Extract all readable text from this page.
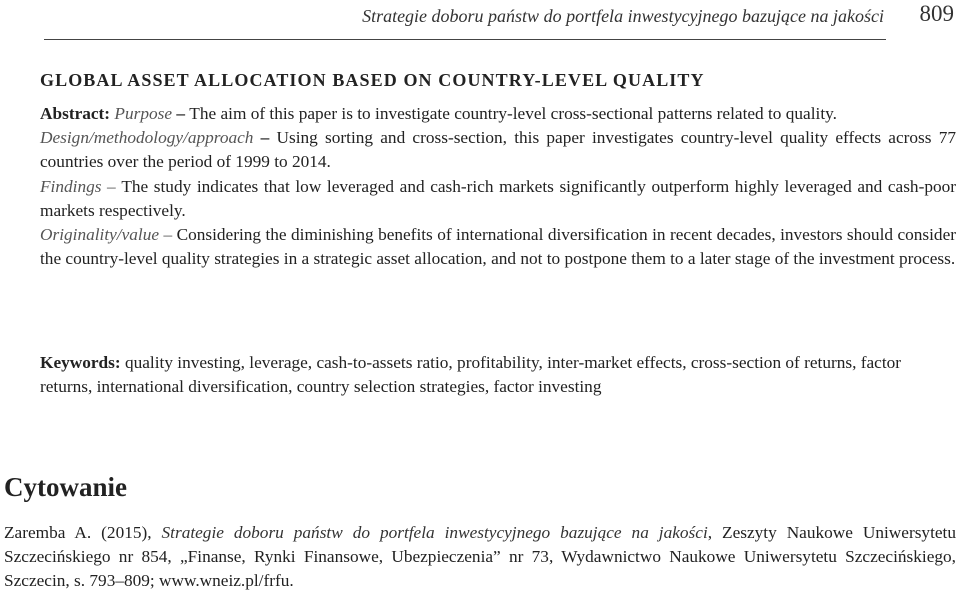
Strategie doboru państw do portfela inwestycyjnego bazujące na jakości 809
GLOBAL ASSET ALLOCATION BASED ON COUNTRY-LEVEL QUALITY

Abstract: Purpose – The aim of this paper is to investigate country-level cross-sectional patterns related to quality.

Design/methodology/approach – Using sorting and cross-section, this paper investigates country-level quality effects across 77 countries over the period of 1999 to 2014.

Findings – The study indicates that low leveraged and cash-rich markets significantly outperform highly leveraged and cash-poor markets respectively.

Originality/value – Considering the diminishing benefits of international diversification in recent decades, investors should consider the country-level quality strategies in a strategic asset allocation, and not to postpone them to a later stage of the investment process.

Keywords: quality investing, leverage, cash-to-assets ratio, profitability, inter-market effects, cross-section of returns, factor returns, international diversification, country selection strategies, factor investing

Cytowanie

Zaremba A. (2015), Strategie doboru państw do portfela inwestycyjnego bazujące na jakości, Zeszyty Naukowe Uniwersytetu Szczecińskiego nr 854, „Finanse, Rynki Finansowe, Ubezpieczenia” nr 73, Wydawnictwo Naukowe Uniwersytetu Szczecińskiego, Szczecin, s. 793–809; www.wneiz.pl/frfu.
